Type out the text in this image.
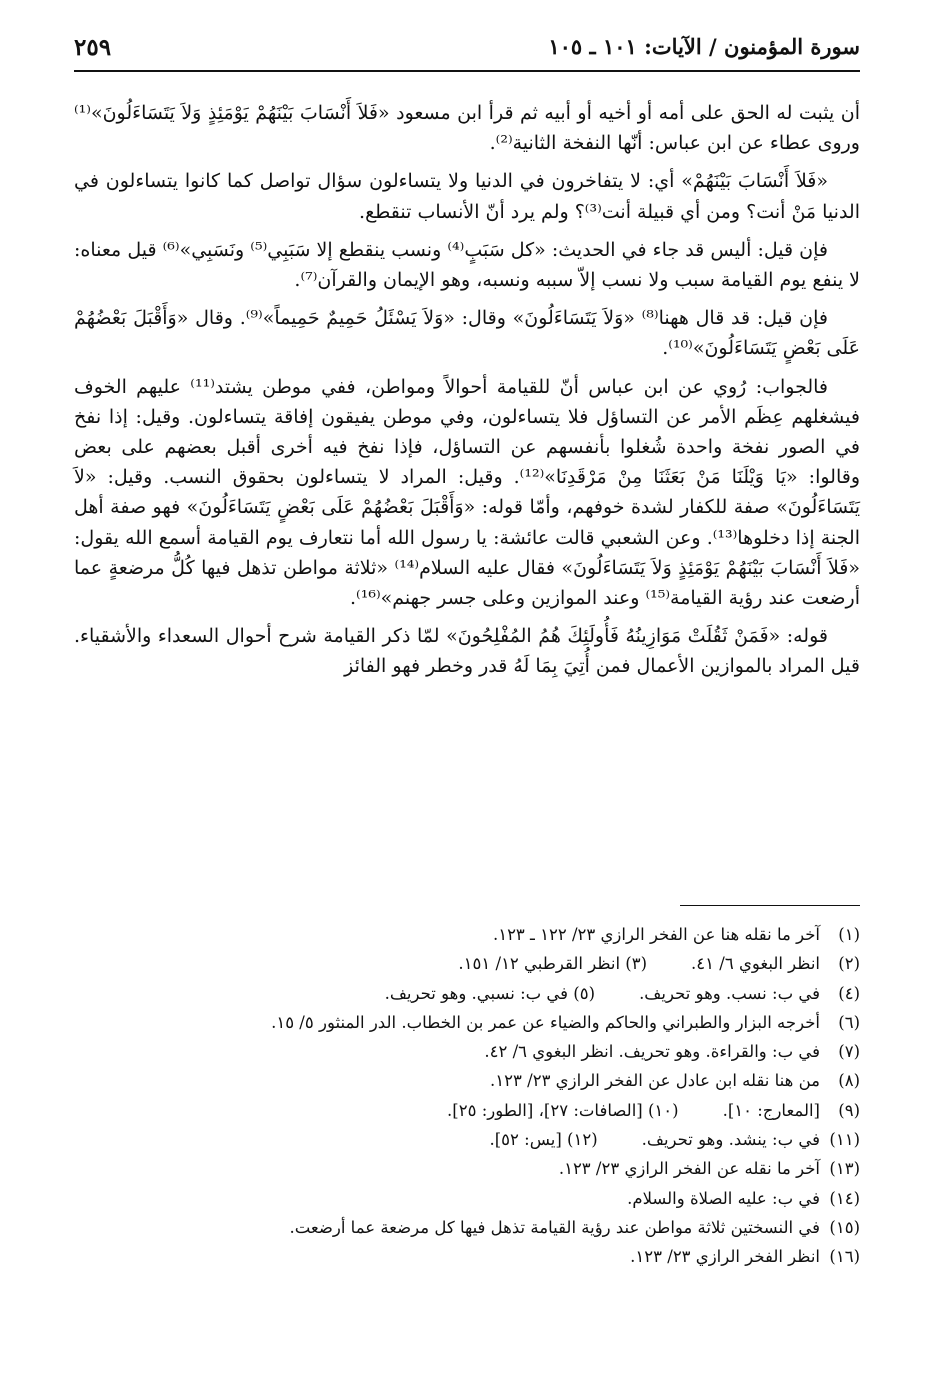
سورة المؤمنون / الآيات: ١٠١ ـ ١٠٥
٢٥٩

أن يثبت له الحق على أمه أو أخيه أو أبيه ثم قرأ ابن مسعود «فَلاَ أَنْسَابَ بَيْنَهُمْ يَوْمَئِذٍ وَلاَ يَتَسَاءَلُونَ»⁽¹⁾ وروى عطاء عن ابن عباس: أنّها النفخة الثانية⁽²⁾.

«فَلاَ أَنْسَابَ بَيْنَهُمْ» أي: لا يتفاخرون في الدنيا ولا يتساءلون سؤال تواصل كما كانوا يتساءلون في الدنيا مَنْ أنت؟ ومن أي قبيلة أنت⁽³⁾؟ ولم يرد أنّ الأنساب تنقطع.

فإن قيل: أليس قد جاء في الحديث: «كل سَبَبٍ⁽⁴⁾ ونسب ينقطع إلا سَبَبِي⁽⁵⁾ ونَسَبِي»⁽⁶⁾ قيل معناه: لا ينفع يوم القيامة سبب ولا نسب إلاّ سببه ونسبه، وهو الإيمان والقرآن⁽⁷⁾.

فإن قيل: قد قال ههنا⁽⁸⁾ «وَلاَ يَتَسَاءَلُونَ» وقال: «وَلاَ يَسْئَلُ حَمِيمٌ حَمِيماً»⁽⁹⁾. وقال «وَأَقْبَلَ بَعْضُهُمْ عَلَى بَعْضٍ يَتَسَاءَلُونَ»⁽¹⁰⁾.

فالجواب: رُوي عن ابن عباس أنّ للقيامة أحوالاً ومواطن، ففي موطن يشتد⁽¹¹⁾ عليهم الخوف فيشغلهم عِظَم الأمر عن التساؤل فلا يتساءلون، وفي موطن يفيقون إفاقة يتساءلون. وقيل: إذا نفخ في الصور نفخة واحدة شُغلوا بأنفسهم عن التساؤل، فإذا نفخ فيه أخرى أقبل بعضهم على بعض وقالوا: «يَا وَيْلَنَا مَنْ بَعَثَنَا مِنْ مَرْقَدِنَا»⁽¹²⁾. وقيل: المراد لا يتساءلون بحقوق النسب. وقيل: «لاَ يَتَسَاءَلُونَ» صفة للكفار لشدة خوفهم، وأمّا قوله: «وَأَقْبَلَ بَعْضُهُمْ عَلَى بَعْضٍ يَتَسَاءَلُونَ» فهو صفة أهل الجنة إذا دخلوها⁽¹³⁾. وعن الشعبي قالت عائشة: يا رسول الله أما نتعارف يوم القيامة أسمع الله يقول: «فَلاَ أَنْسَابَ بَيْنَهُمْ يَوْمَئِذٍ وَلاَ يَتَسَاءَلُونَ» فقال عليه السلام⁽¹⁴⁾ «ثلاثة مواطن تذهل فيها كُلُّ مرضعةٍ عما أرضعت عند رؤية القيامة⁽¹⁵⁾ وعند الموازين وعلى جسر جهنم»⁽¹⁶⁾.

قوله: «فَمَنْ ثَقُلَتْ مَوَازِينُهُ فَأُولَئِكَ هُمُ المُفْلِحُونَ» لمّا ذكر القيامة شرح أحوال السعداء والأشقياء. قيل المراد بالموازين الأعمال فمن أُتِيَ بِمَا لَهُ قدر وخطر فهو الفائز

(١)
آخر ما نقله هنا عن الفخر الرازي ٢٣/ ١٢٢ ـ ١٢٣.
(٢)
انظر البغوي ٦/ ٤١.
(٣) انظر القرطبي ١٢/ ١٥١.
(٤)
في ب: نسب. وهو تحريف.
(٥) في ب: نسبي. وهو تحريف.
(٦)
أخرجه البزار والطبراني والحاكم والضياء عن عمر بن الخطاب. الدر المنثور ٥/ ١٥.
(٧)
في ب: والقراءة. وهو تحريف. انظر البغوي ٦/ ٤٢.
(٨)
من هنا نقله ابن عادل عن الفخر الرازي ٢٣/ ١٢٣.
(٩)
[المعارج: ١٠].
(١٠) [الصافات: ٢٧]، [الطور: ٢٥].
(١١)
في ب: ينشد. وهو تحريف.
(١٢) [يس: ٥٢].
(١٣)
آخر ما نقله عن الفخر الرازي ٢٣/ ١٢٣.
(١٤)
في ب: عليه الصلاة والسلام.
(١٥)
في النسختين ثلاثة مواطن عند رؤية القيامة تذهل فيها كل مرضعة عما أرضعت.
(١٦)
انظر الفخر الرازي ٢٣/ ١٢٣.
